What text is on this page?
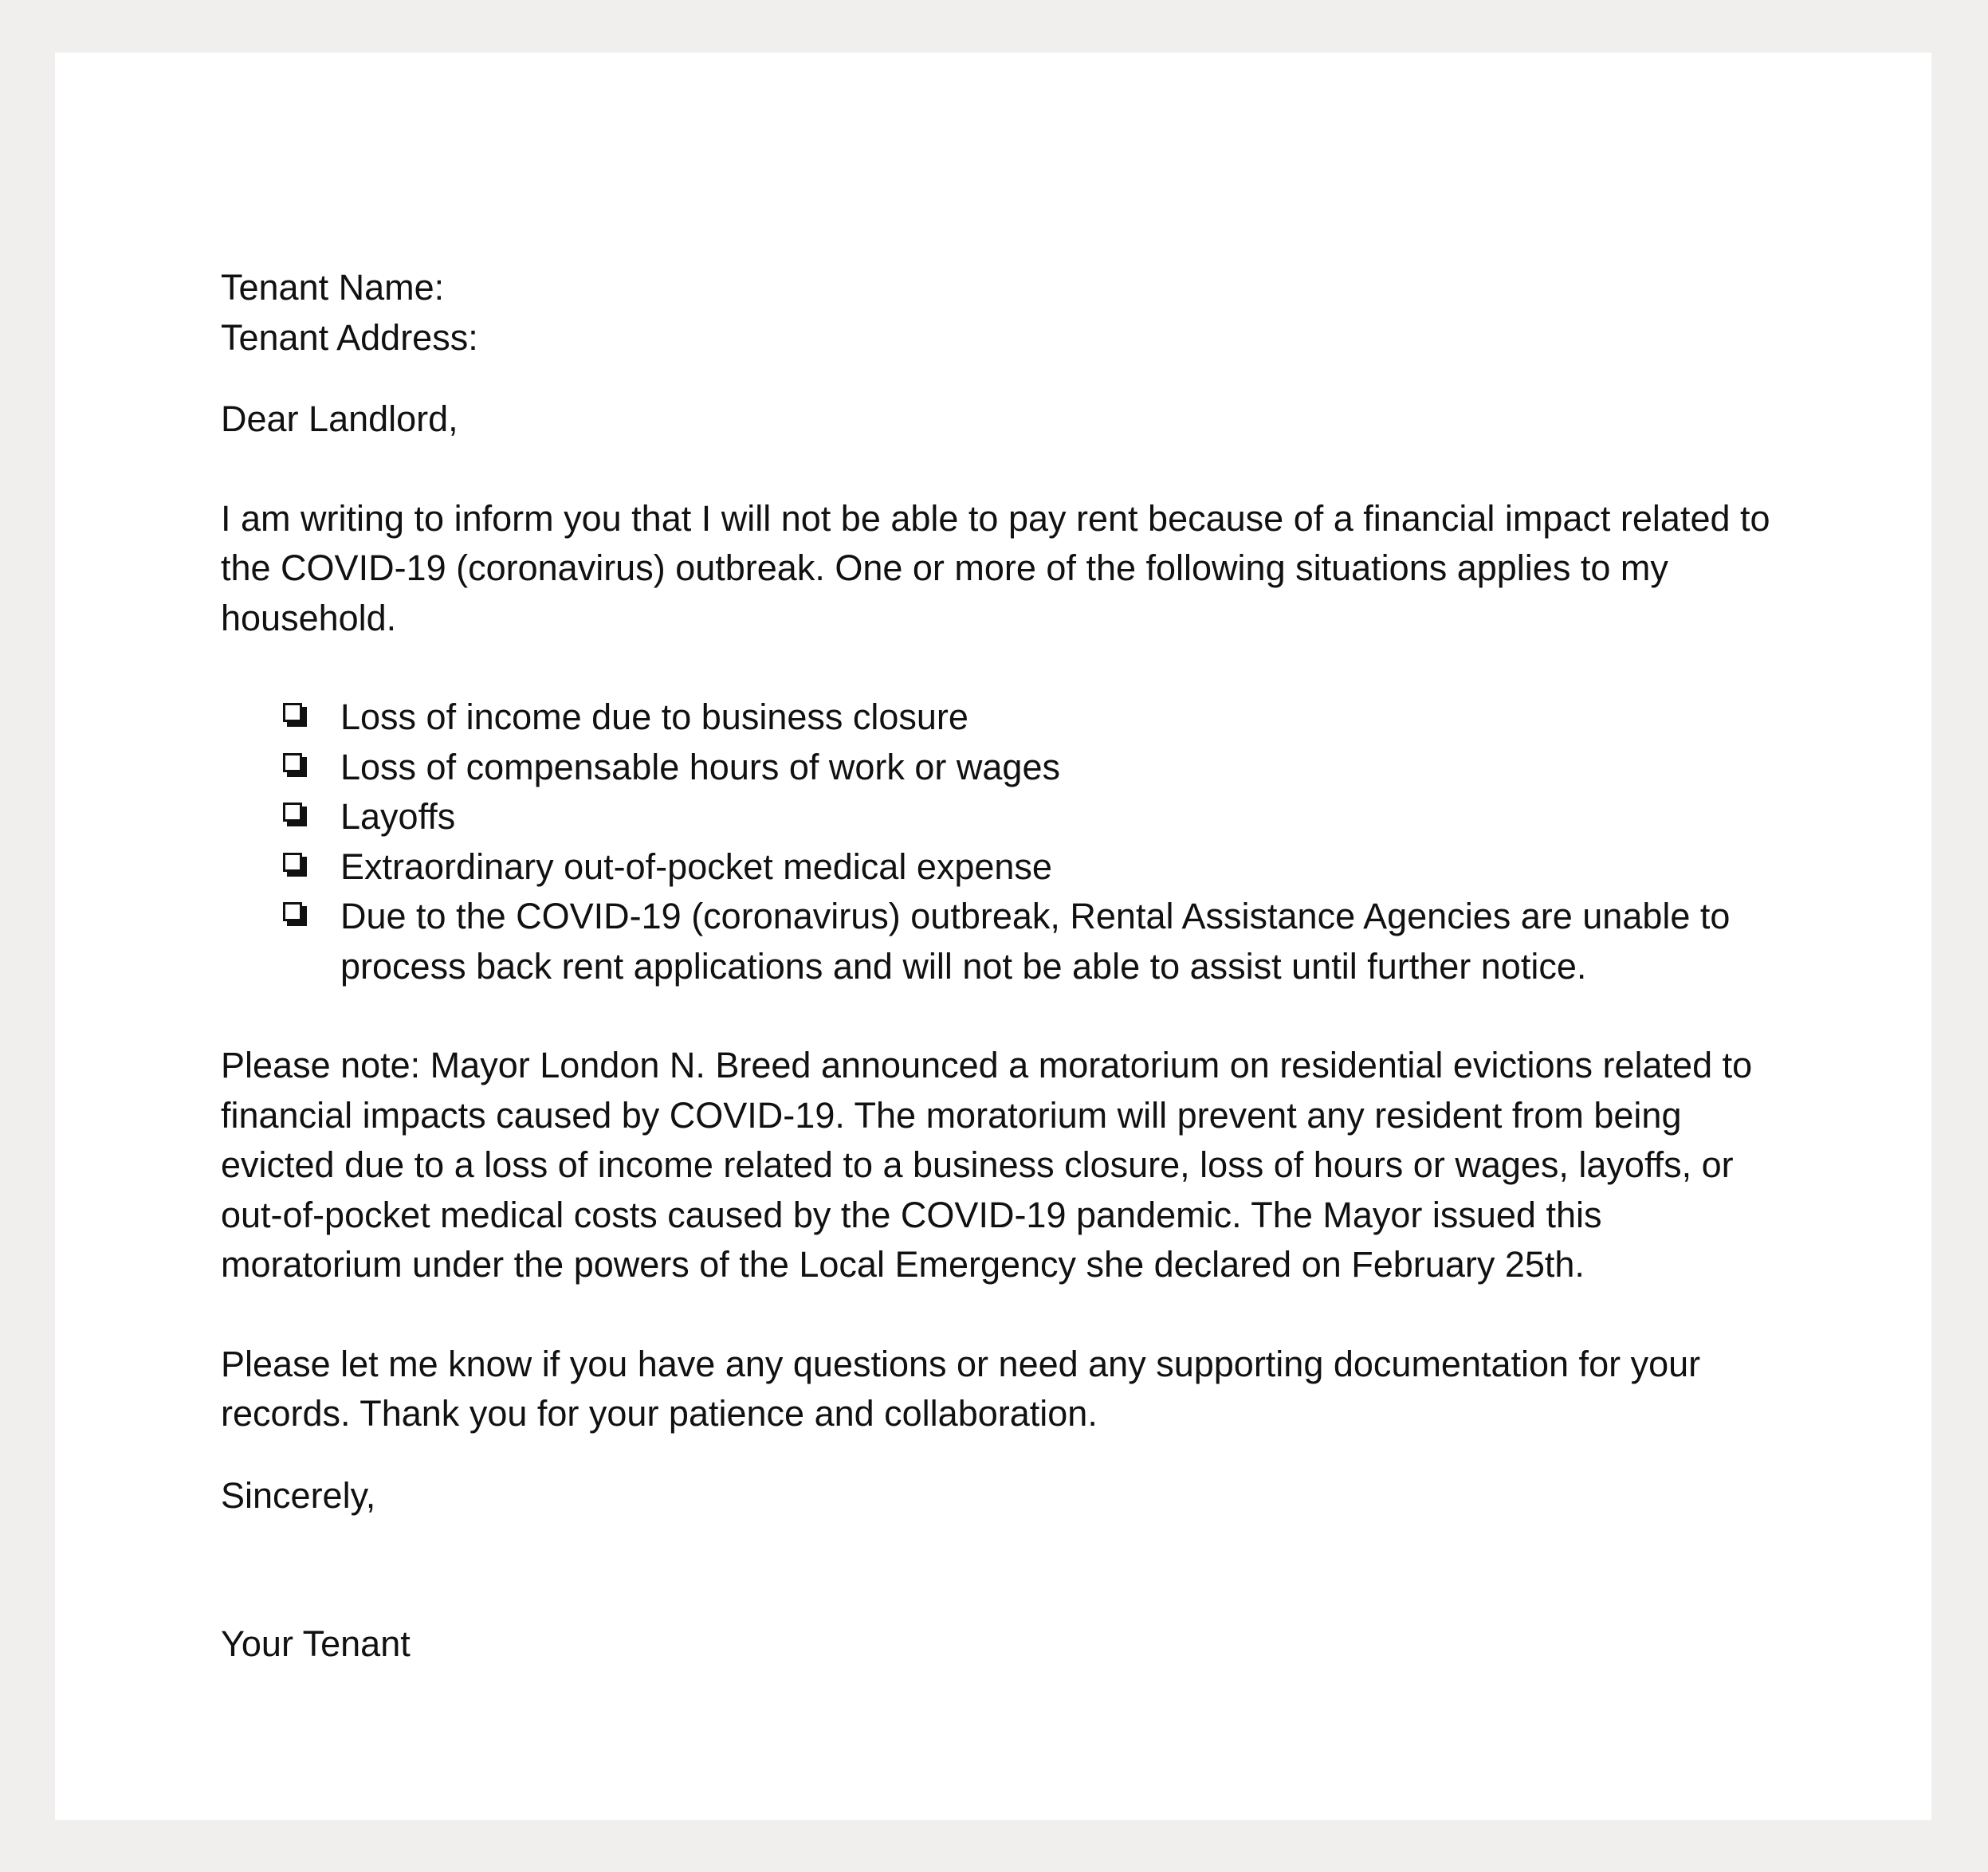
Tenant Name:
Tenant Address:
Dear Landlord,

I am writing to inform you that I will not be able to pay rent because of a financial impact related to the COVID-19 (coronavirus) outbreak. One or more of the following situations applies to my household.

Loss of income due to business closure
Loss of compensable hours of work or wages
Layoffs
Extraordinary out-of-pocket medical expense
Due to the COVID-19 (coronavirus) outbreak, Rental Assistance Agencies are unable to process back rent applications and will not be able to assist until further notice.

Please note: Mayor London N. Breed announced a moratorium on residential evictions related to financial impacts caused by COVID-19. The moratorium will prevent any resident from being evicted due to a loss of income related to a business closure, loss of hours or wages, layoffs, or out-of-pocket medical costs caused by the COVID-19 pandemic. The Mayor issued this moratorium under the powers of the Local Emergency she declared on February 25th.

Please let me know if you have any questions or need any supporting documentation for your records. Thank you for your patience and collaboration.

Sincerely,
Your Tenant
